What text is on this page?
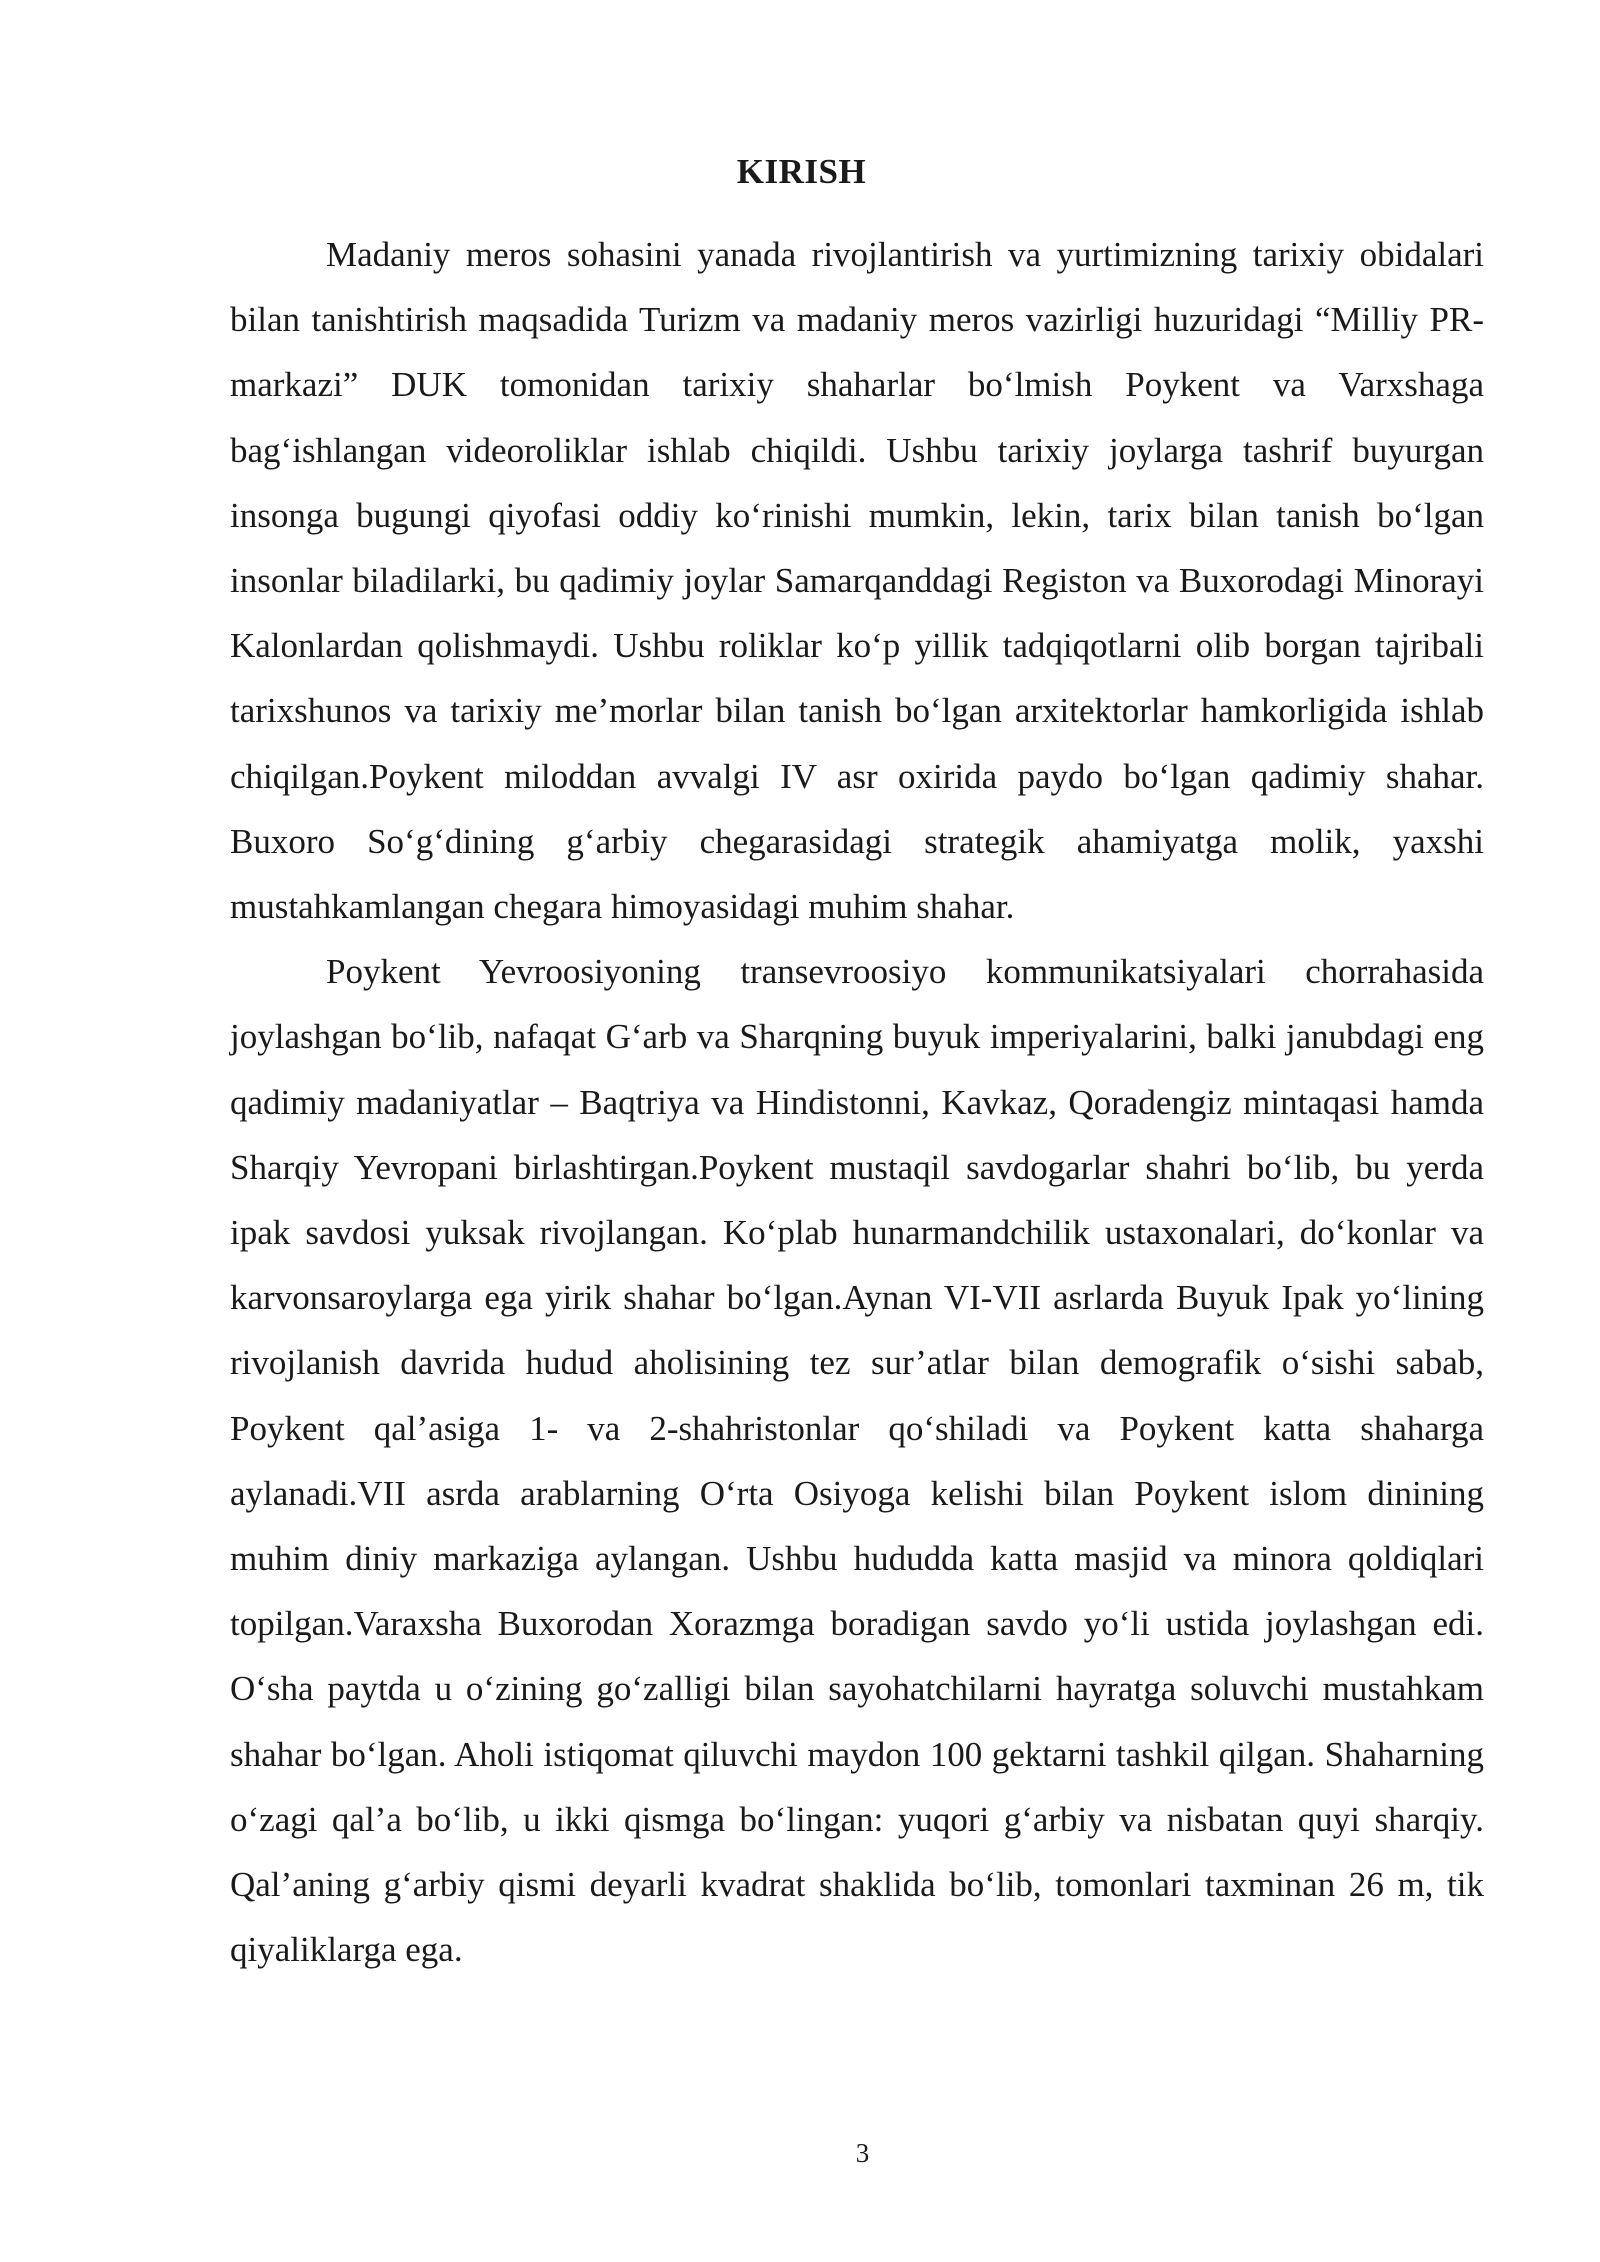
KIRISH

Madaniy meros sohasini yanada rivojlantirish va yurtimizning tarixiy obidalari bilan tanishtirish maqsadida Turizm va madaniy meros vazirligi huzuridagi “Milliy PR-markazi” DUK tomonidan tarixiy shaharlar bo‘lmish Poykent va Varxshaga bag‘ishlangan videoroliklar ishlab chiqildi. Ushbu tarixiy joylarga tashrif buyurgan insonga bugungi qiyofasi oddiy ko‘rinishi mumkin, lekin, tarix bilan tanish bo‘lgan insonlar biladilarki, bu qadimiy joylar Samarqanddagi Registon va Buxorodagi Minorayi Kalonlardan qolishmaydi. Ushbu roliklar ko‘p yillik tadqiqotlarni olib borgan tajribali tarixshunos va tarixiy me’morlar bilan tanish bo‘lgan arxitektorlar hamkorligida ishlab chiqilgan.Poykent miloddan avvalgi IV asr oxirida paydo bo‘lgan qadimiy shahar. Buxoro So‘g‘dining g‘arbiy chegarasidagi strategik ahamiyatga molik, yaxshi mustahkamlangan chegara himoyasidagi muhim shahar.

Poykent Yevroosiyoning transevroosiyo kommunikatsiyalari chorrahasida joylashgan bo‘lib, nafaqat G‘arb va Sharqning buyuk imperiyalarini, balki janubdagi eng qadimiy madaniyatlar – Baqtriya va Hindistonni, Kavkaz, Qoradengiz mintaqasi hamda Sharqiy Yevropani birlashtirgan.Poykent mustaqil savdogarlar shahri bo‘lib, bu yerda ipak savdosi yuksak rivojlangan. Ko‘plab hunarmandchilik ustaxonalari, do‘konlar va karvonsaroylarga ega yirik shahar bo‘lgan.Aynan VI-VII asrlarda Buyuk Ipak yo‘lining rivojlanish davrida hudud aholisining tez sur’atlar bilan demografik o‘sishi sabab, Poykent qal’asiga 1- va 2-shahristonlar qo‘shiladi va Poykent katta shaharga aylanadi.VII asrda arablarning O‘rta Osiyoga kelishi bilan Poykent islom dinining muhim diniy markaziga aylangan. Ushbu hududda katta masjid va minora qoldiqlari topilgan.Varaxsha Buxorodan Xorazmga boradigan savdo yo‘li ustida joylashgan edi. O‘sha paytda u o‘zining go‘zalligi bilan sayohatchilarni hayratga soluvchi mustahkam shahar bo‘lgan. Aholi istiqomat qiluvchi maydon 100 gektarni tashkil qilgan. Shaharning o‘zagi qal’a bo‘lib, u ikki qismga bo‘lingan: yuqori g‘arbiy va nisbatan quyi sharqiy. Qal’aning g‘arbiy qismi deyarli kvadrat shaklida bo‘lib, tomonlari taxminan 26 m, tik qiyaliklarga ega.

3
